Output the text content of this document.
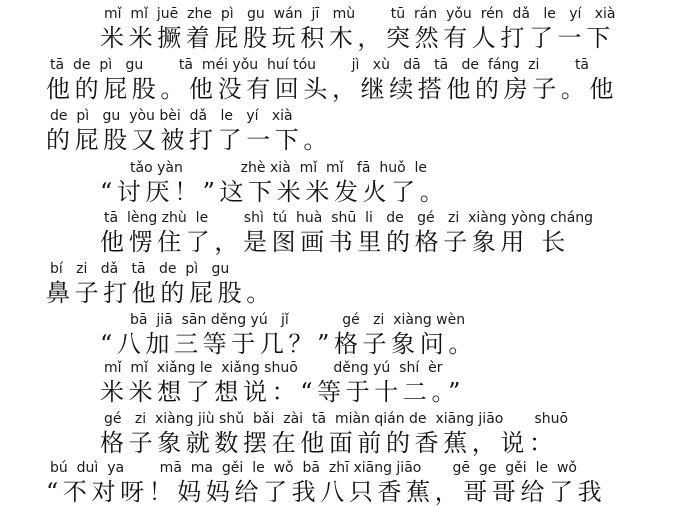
mǐ  mǐ  juē  zhe  pì   gu  wán  jī   mù        tū  rán  yǒu  rén  dǎ   le   yí   xià
米米撅着屁股玩积木，突然有人打了一下
tā  de  pì   gu        tā  méi yǒu  huí tóu        jì   xù   dā   tā   de  fáng  zi        tā
他的屁股。他没有回头，继续搭他的房子。他
de  pì   gu  yòu bèi  dǎ   le   yí   xià
的屁股又被打了一下。
tǎo yàn             zhè xià  mǐ  mǐ   fā  huǒ  le
“讨厌！”这下米米发火了。
tā  lèng zhù  le        shì  tú  huà  shū  li   de   gé   zi  xiàng yòng cháng
他愣住了，是图画书里的格子象用 长
bí   zi   dǎ   tā   de  pì   gu
鼻子打他的屁股。
bā  jiā  sān děng yú   jǐ            gé   zi  xiàng wèn
“八加三等于几？”格子象问。
mǐ  mǐ  xiǎng le  xiǎng shuō        děng yú  shí  èr
米米想了想说：“等于十二。”
gé   zi  xiàng jiù shǔ  bǎi  zài  tā  miàn qián de  xiāng jiāo       shuō
格子象就数摆在他面前的香蕉，说：
bú  duì  ya        mā  ma  gěi  le  wǒ  bā  zhī xiāng jiāo       gē  ge  gěi  le  wǒ
“不对呀！妈妈给了我八只香蕉，哥哥给了我
